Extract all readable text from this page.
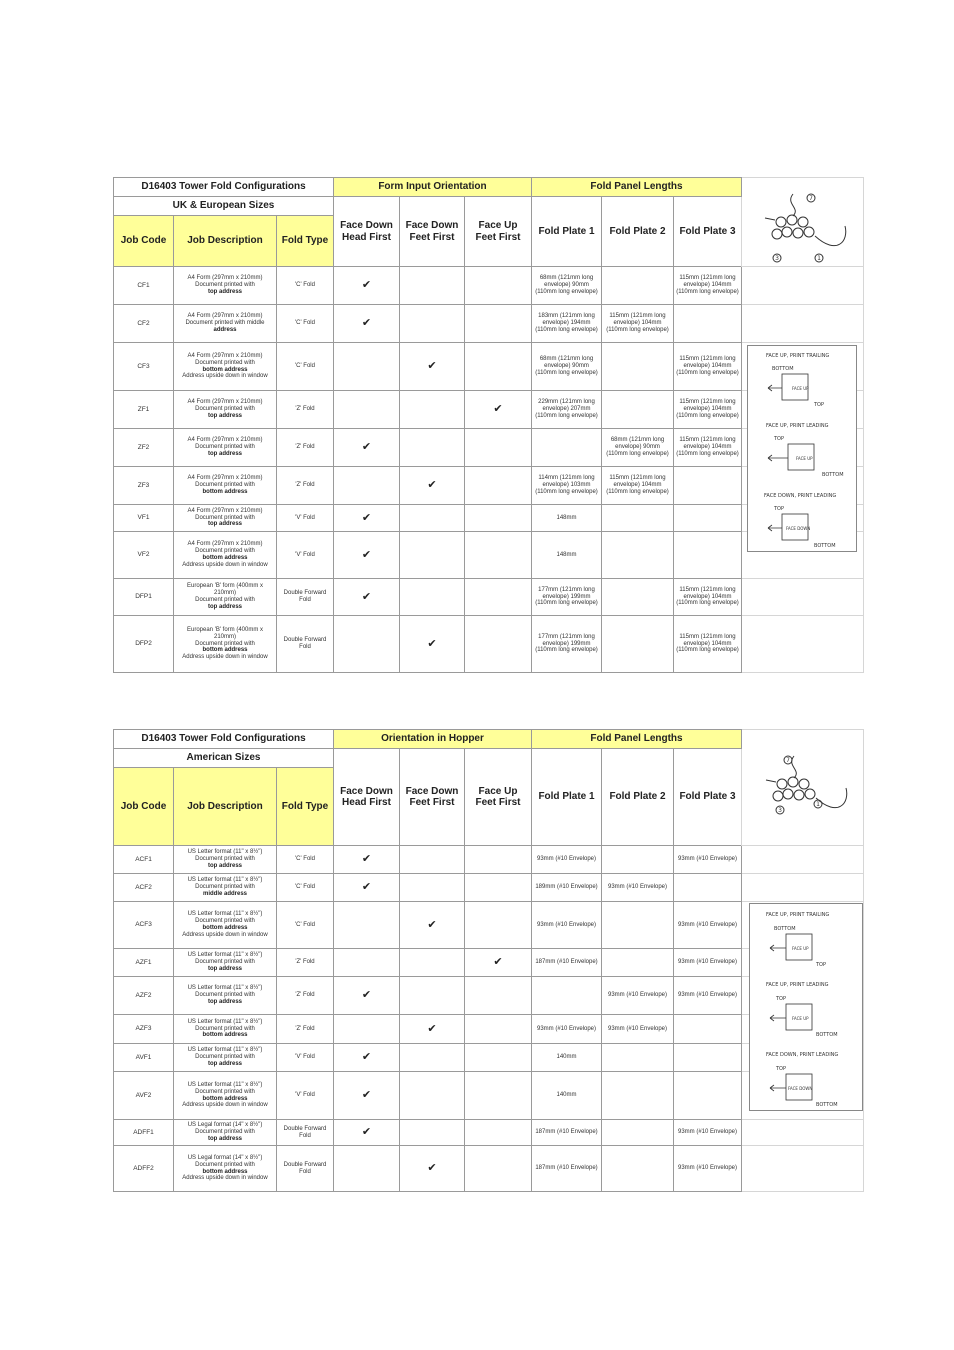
D16403 Tower Fold Configurations			Form Input Orientation			Fold Panel Lengths			
UK & European Sizes			Face Down Head First	Face Down Feet First	Face Up Feet First	Fold Plate 1	Fold Plate 2	Fold Plate 3	
Job Code	Job Description	Fold Type							
CF1	A4 Form (297mm x 210mm)
Document printed with
top address	'C' Fold	✔			68mm (121mm long envelope) 90mm (110mm long envelope)		115mm (121mm long envelope) 104mm (110mm long envelope)	
CF2	A4 Form (297mm x 210mm)
Document printed with middle
address	'C' Fold	✔			183mm (121mm long envelope) 194mm (110mm long envelope)	115mm (121mm long envelope) 104mm (110mm long envelope)		
CF3	A4 Form (297mm x 210mm)
Document printed with
bottom address
Address upside down in window	'C' Fold		✔		68mm (121mm long envelope) 90mm (110mm long envelope)		115mm (121mm long envelope) 104mm (110mm long envelope)	
ZF1	A4 Form (297mm x 210mm)
Document printed with
top address	'Z' Fold			✔	229mm (121mm long envelope) 207mm (110mm long envelope)		115mm (121mm long envelope) 104mm (110mm long envelope)	
ZF2	A4 Form (297mm x 210mm)
Document printed with
top address	'Z' Fold	✔				68mm (121mm long envelope) 90mm (110mm long envelope)	115mm (121mm long envelope) 104mm (110mm long envelope)	
ZF3	A4 Form (297mm x 210mm)
Document printed with
bottom address	'Z' Fold		✔		114mm (121mm long envelope) 103mm (110mm long envelope)	115mm (121mm long envelope) 104mm (110mm long envelope)		
VF1	A4 Form (297mm x 210mm)
Document printed with
top address	'V' Fold	✔			148mm			
VF2	A4 Form (297mm x 210mm)
Document printed with
bottom address
Address upside down in window	'V' Fold	✔			148mm			
DFP1	European 'B' form (400mm x 210mm)
Document printed with
top address	Double Forward Fold	✔			177mm (121mm long envelope) 199mm (110mm long envelope)		115mm (121mm long envelope) 104mm (110mm long envelope)	
DFP2	European 'B' form (400mm x 210mm)
Document printed with
bottom address
Address upside down in window	Double Forward Fold		✔		177mm (121mm long envelope) 199mm (110mm long envelope)		115mm (121mm long envelope) 104mm (110mm long envelope)	
D16403 Tower Fold Configurations			Orientation in Hopper			Fold Panel Lengths			
American Sizes			Face Down Head First	Face Down Feet First	Face Up Feet First	Fold Plate 1	Fold Plate 2	Fold Plate 3	
Job Code	Job Description	Fold Type							
ACF1	US Letter format (11" x 8½")
Document printed with
top address	'C' Fold	✔			93mm (#10 Envelope)		93mm (#10 Envelope)	
ACF2	US Letter format (11" x 8½")
Document printed with
middle address	'C' Fold	✔			189mm (#10 Envelope)	93mm (#10 Envelope)		
ACF3	US Letter format (11" x 8½")
Document printed with
bottom address
Address upside down in window	'C' Fold		✔		93mm (#10 Envelope)		93mm (#10 Envelope)	
AZF1	US Letter format (11" x 8½")
Document printed with
top address	'Z' Fold			✔	187mm (#10 Envelope)		93mm (#10 Envelope)	
AZF2	US Letter format (11" x 8½")
Document printed with
top address	'Z' Fold	✔				93mm (#10 Envelope)	93mm (#10 Envelope)	
AZF3	US Letter format (11" x 8½")
Document printed with
bottom address	'Z' Fold		✔		93mm (#10 Envelope)	93mm (#10 Envelope)		
AVF1	US Letter format (11" x 8½")
Document printed with
top address	'V' Fold	✔			140mm			
AVF2	US Letter format (11" x 8½")
Document printed with
bottom address
Address upside down in window	'V' Fold	✔			140mm			
ADFF1	US Legal format (14" x 8½")
Document printed with
top address	Double Forward Fold	✔			187mm (#10 Envelope)		93mm (#10 Envelope)	
ADFF2	US Legal format (14" x 8½")
Document printed with
bottom address
Address upside down in window	Double Forward Fold		✔		187mm (#10 Envelope)		93mm (#10 Envelope)	
7
1
3
7
1
3
FACE UP, PRINT TRAILING
BOTTOM
TOP
FACE UP, PRINT LEADING
TOP
BOTTOM
FACE DOWN, PRINT LEADING
TOP
BOTTOM
FACE UP
FACE UP
FACE DOWN
FACE UP, PRINT TRAILING
BOTTOM
TOP
FACE UP, PRINT LEADING
TOP
BOTTOM
FACE DOWN, PRINT LEADING
TOP
BOTTOM
FACE UP
FACE UP
FACE DOWN
